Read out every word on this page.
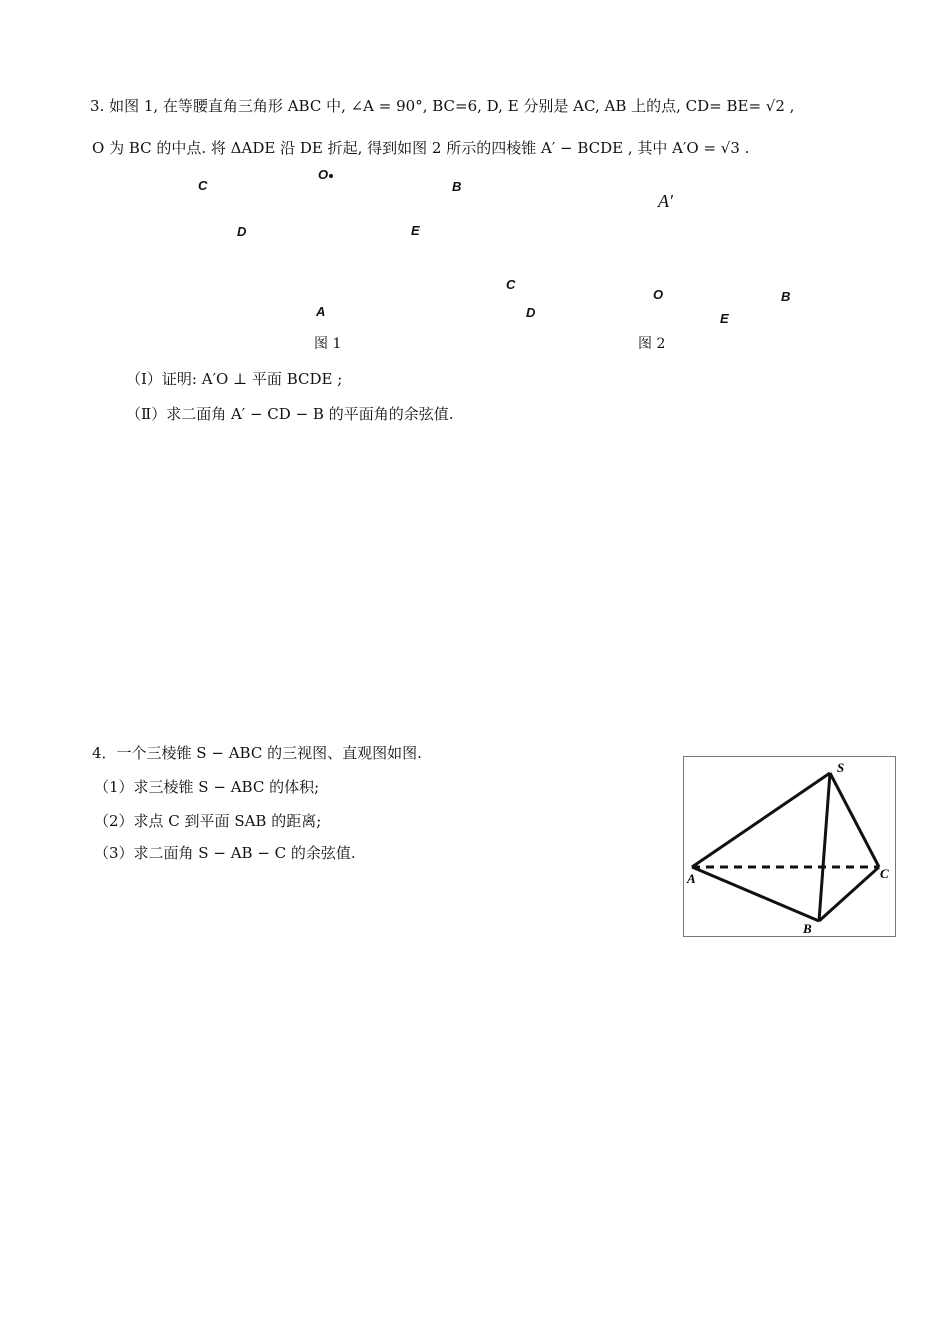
3. 如图 1, 在等腰直角三角形 ABC 中, ∠A = 90°, BC=6, D, E 分别是 AC, AB 上的点, CD= BE= √2 ,
O 为 BC 的中点. 将 ΔADE 沿 DE 折起, 得到如图 2 所示的四棱锥 A′ − BCDE , 其中 A′O = √3 .
C
O
B
D	E
A
图 1
A′
C
O	B
D	E
图 2
（Ⅰ）证明: A′O ⊥ 平面 BCDE ;
（Ⅱ）求二面角 A′ − CD − B 的平面角的余弦值.
4．一个三棱锥 S − ABC 的三视图、直观图如图.
（1）求三棱锥 S − ABC 的体积;
（2）求点 C 到平面 SAB 的距离;
（3）求二面角 S − AB − C 的余弦值.
S
A
B
C
